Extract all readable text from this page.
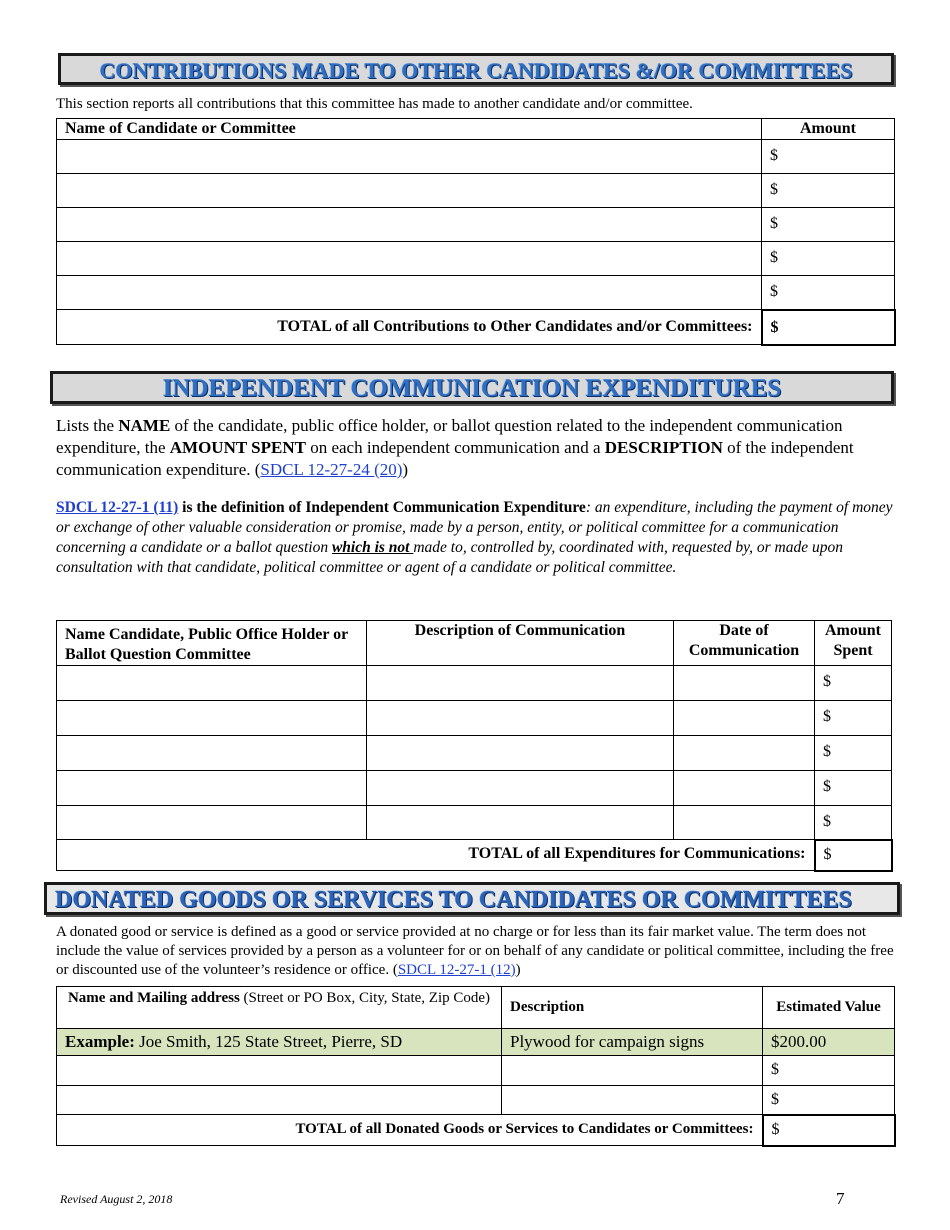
CONTRIBUTIONS MADE TO OTHER CANDIDATES &/OR COMMITTEES
This section reports all contributions that this committee has made to another candidate and/or committee.
Name of Candidate or Committee	Amount
	$
	$
	$
	$
	$
TOTAL of all Contributions to Other Candidates and/or Committees:	$
INDEPENDENT COMMUNICATION EXPENDITURES
Lists the NAME of the candidate, public office holder, or ballot question related to the independent communication expenditure, the AMOUNT SPENT on each independent communication and a DESCRIPTION of the independent communication expenditure. (SDCL 12-27-24 (20))
SDCL 12-27-1 (11) is the definition of Independent Communication Expenditure: an expenditure, including the payment of money or exchange of other valuable consideration or promise, made by a person, entity, or political committee for a communication concerning a candidate or a ballot question which is not made to, controlled by, coordinated with, requested by, or made upon consultation with that candidate, political committee or agent of a candidate or political committee.
Name Candidate, Public Office Holder or Ballot Question Committee	Description of Communication	Date of Communication	Amount Spent
			$
			$
			$
			$
			$
TOTAL of all Expenditures for Communications:			$
DONATED GOODS OR SERVICES TO CANDIDATES OR COMMITTEES
A donated good or service is defined as a good or service provided at no charge or for less than its fair market value. The term does not include the value of services provided by a person as a volunteer for or on behalf of any candidate or political committee, including the free or discounted use of the volunteer’s residence or office. (SDCL 12-27-1 (12))
Name and Mailing address (Street or PO Box, City, State, Zip Code)	Description	Estimated Value
Example: Joe Smith, 125 State Street, Pierre, SD	Plywood for campaign signs	$200.00
		$
		$
TOTAL of all Donated Goods or Services to Candidates or Committees:		$
Revised August 2, 2018	7
